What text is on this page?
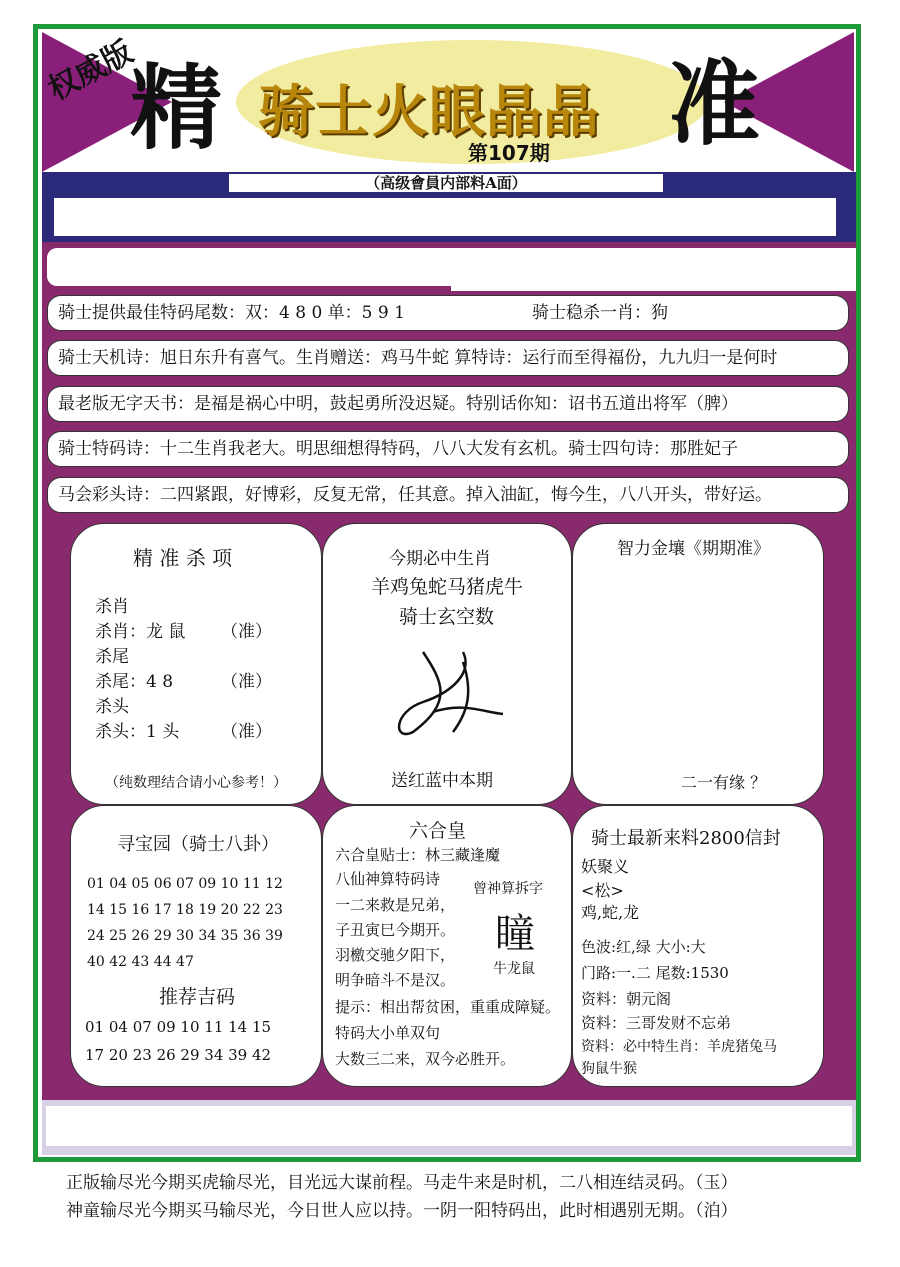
权威版
精 骑士火眼晶晶 准
第107期
（高级會員内部料A面）
骑士提供最佳特码尾数：双：4 8 0 单：5 9 1	骑士稳杀一肖：狗
骑士天机诗：旭日东升有喜气。生肖赠送：鸡马牛蛇 算特诗：运行而至得福份，九九归一是何时
最老版无字天书：是福是祸心中明，鼓起勇所没迟疑。特别话你知：诏书五道出将军（脾）
骑士特码诗：十二生肖我老大。明思细想得特码，八八大发有玄机。骑士四句诗：那胜妃子
马会彩头诗：二四紧跟，好博彩，反复无常，任其意。掉入油缸，悔今生，八八开头，带好运。
精 准 杀 项
杀肖
杀肖：龙 鼠 （准）
杀尾
杀尾：4 8	（准）
杀头
杀头：1 头 （准）
（纯数理结合请小心参考！）
今期必中生肖
羊鸡兔蛇马猪虎牛
骑士玄空数
送红蓝中本期
智力金壤《期期准》
二一有缘 ？
寻宝园（骑士八卦）
01 04 05 06 07 09 10 11 12
14 15 16 17 18 19 20 22 23
24 25 26 29 30 34 35 36 39
40 42 43 44 47
推荐吉码
01 04 07 09 10 11 14 15
17 20 23 26 29 34 39 42
六合皇
六合皇贴士：林三藏逢魔
八仙神算特码诗
一二来救是兄弟，
子丑寅巳今期开。
羽檄交驰夕阳下，
明争暗斗不是汉。
曾神算拆字
瞳
牛龙鼠
提示：相出帮贫困，重重成障疑。
特码大小单双句
大数三二来，双今必胜开。
骑士最新来料2800信封
妖聚义
<松>
鸡,蛇,龙
色波:红,绿 大小:大
门路:一.二 尾数:1530
资料：朝元阁
资料：三哥发财不忘弟
资料：必中特生肖：羊虎猪兔马
狗鼠牛猴
正版输尽光今期买虎输尽光，目光远大谋前程。马走牛来是时机，二八相连结灵码。（玉）
神童输尽光今期买马输尽光，今日世人应以持。一阴一阳特码出，此时相遇别无期。（泊）
